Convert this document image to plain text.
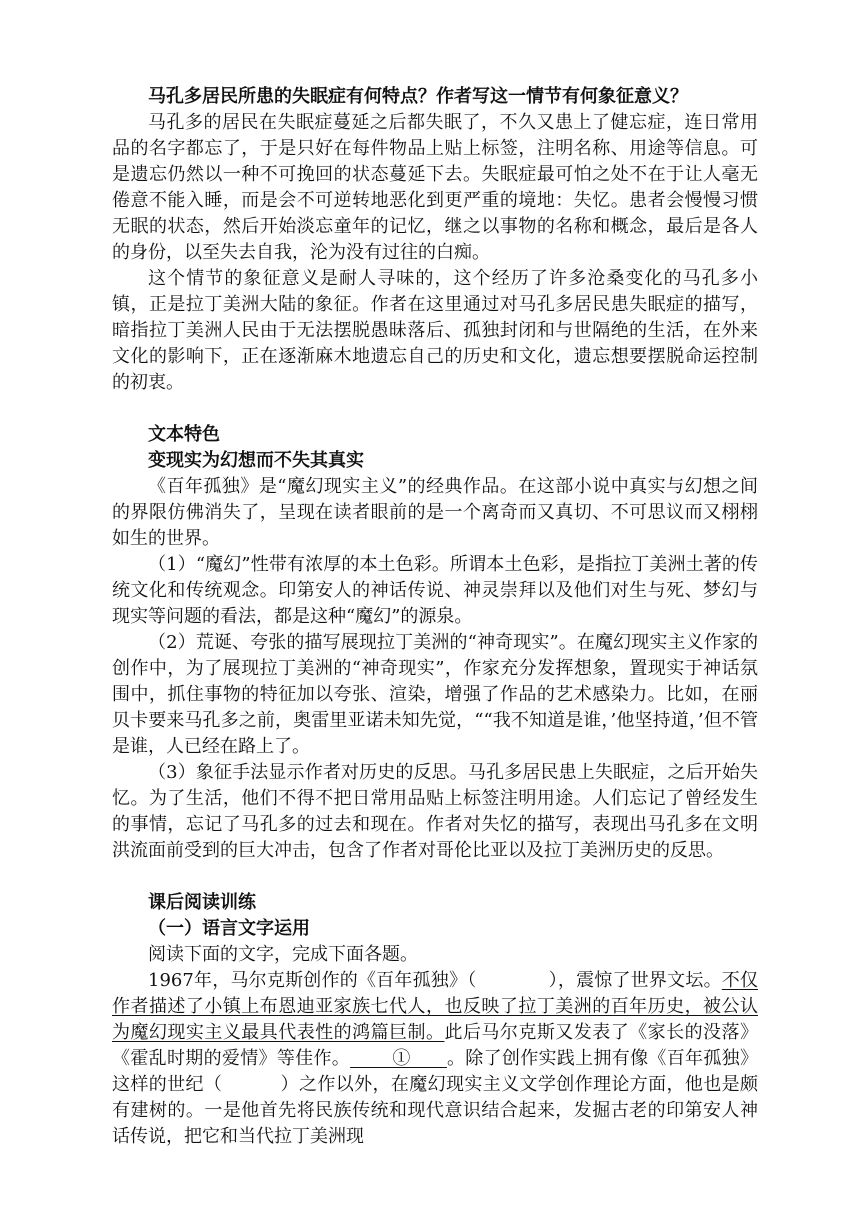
马孔多居民所患的失眠症有何特点？作者写这一情节有何象征意义？

马孔多的居民在失眠症蔓延之后都失眠了，不久又患上了健忘症，连日常用品的名字都忘了，于是只好在每件物品上贴上标签，注明名称、用途等信息。可是遗忘仍然以一种不可挽回的状态蔓延下去。失眠症最可怕之处不在于让人毫无倦意不能入睡，而是会不可逆转地恶化到更严重的境地：失忆。患者会慢慢习惯无眠的状态，然后开始淡忘童年的记忆，继之以事物的名称和概念，最后是各人的身份，以至失去自我，沦为没有过往的白痴。

这个情节的象征意义是耐人寻味的，这个经历了许多沧桑变化的马孔多小镇，正是拉丁美洲大陆的象征。作者在这里通过对马孔多居民患失眠症的描写，暗指拉丁美洲人民由于无法摆脱愚昧落后、孤独封闭和与世隔绝的生活，在外来文化的影响下，正在逐渐麻木地遗忘自己的历史和文化，遗忘想要摆脱命运控制的初衷。

文本特色

变现实为幻想而不失其真实

《百年孤独》是“魔幻现实主义”的经典作品。在这部小说中真实与幻想之间的界限仿佛消失了，呈现在读者眼前的是一个离奇而又真切、不可思议而又栩栩如生的世界。

（1）“魔幻”性带有浓厚的本土色彩。所谓本土色彩，是指拉丁美洲土著的传统文化和传统观念。印第安人的神话传说、神灵崇拜以及他们对生与死、梦幻与现实等问题的看法，都是这种“魔幻”的源泉。

（2）荒诞、夸张的描写展现拉丁美洲的“神奇现实”。在魔幻现实主义作家的创作中，为了展现拉丁美洲的“神奇现实”，作家充分发挥想象，置现实于神话氛围中，抓住事物的特征加以夸张、渲染，增强了作品的艺术感染力。比如，在丽贝卡要来马孔多之前，奥雷里亚诺未知先觉，““我不知道是谁，’他坚持道，’但不管是谁，人已经在路上了。

（3）象征手法显示作者对历史的反思。马孔多居民患上失眠症，之后开始失忆。为了生活，他们不得不把日常用品贴上标签注明用途。人们忘记了曾经发生的事情，忘记了马孔多的过去和现在。作者对失忆的描写，表现出马孔多在文明洪流面前受到的巨大冲击，包含了作者对哥伦比亚以及拉丁美洲历史的反思。

课后阅读训练

（一）语言文字运用

阅读下面的文字，完成下面各题。

1967年，马尔克斯创作的《百年孤独》（	），震惊了世界文坛。不仅作者描述了小镇上布恩迪亚家族七代人，也反映了拉丁美洲的百年历史，被公认为魔幻现实主义最具代表性的鸿篇巨制。此后马尔克斯又发表了《家长的没落》《霍乱时期的爱情》等佳作。       ①      。除了创作实践上拥有像《百年孤独》这样的世纪（	）之作以外，在魔幻现实主义文学创作理论方面，他也是颇有建树的。一是他首先将民族传统和现代意识结合起来，发掘古老的印第安人神话传说，把它和当代拉丁美洲现
